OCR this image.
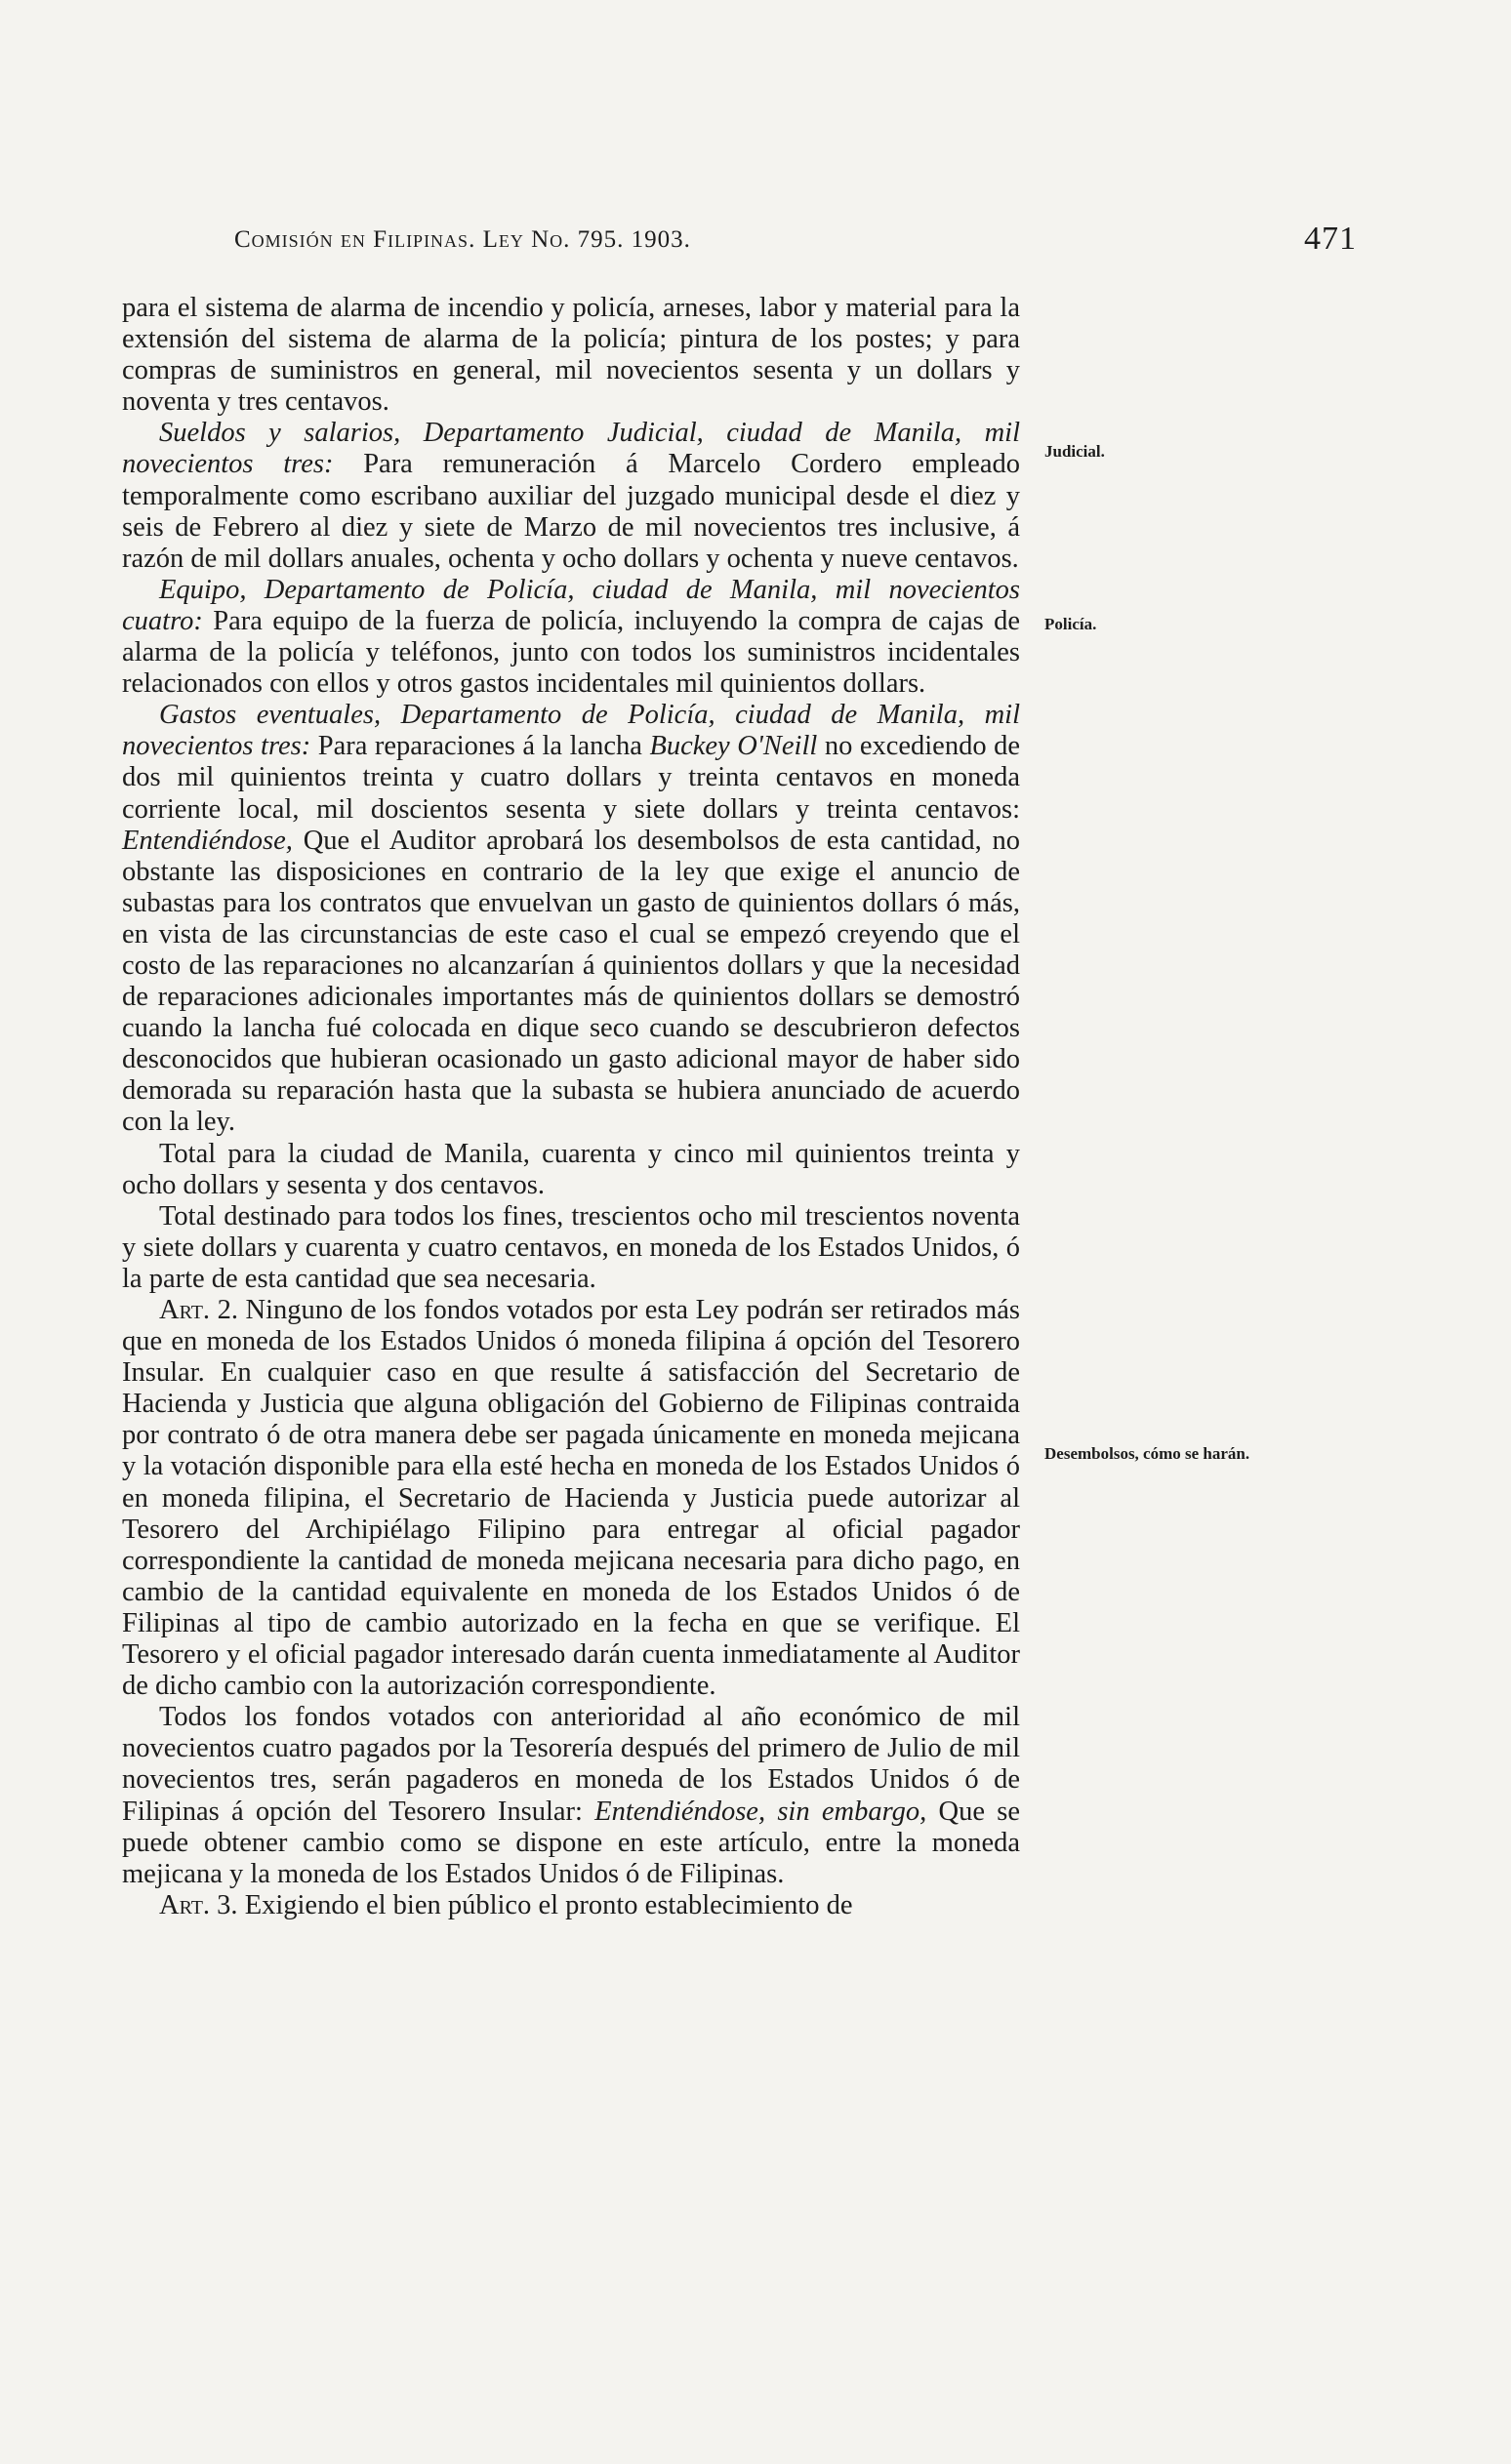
Comisión en Filipinas. Ley No. 795. 1903.	471
Judicial.
Policía.
Desembolsos, cómo se harán.

para el sistema de alarma de incendio y policía, arneses, labor y material para la extensión del sistema de alarma de la policía; pintura de los postes; y para compras de suministros en general, mil novecientos sesenta y un dollars y noventa y tres centavos.

Sueldos y salarios, Departamento Judicial, ciudad de Manila, mil novecientos tres: Para remuneración á Marcelo Cordero empleado temporalmente como escribano auxiliar del juzgado municipal desde el diez y seis de Febrero al diez y siete de Marzo de mil novecientos tres inclusive, á razón de mil dollars anuales, ochenta y ocho dollars y ochenta y nueve centavos.

Equipo, Departamento de Policía, ciudad de Manila, mil novecientos cuatro: Para equipo de la fuerza de policía, incluyendo la compra de cajas de alarma de la policía y teléfonos, junto con todos los suministros incidentales relacionados con ellos y otros gastos incidentales mil quinientos dollars.

Gastos eventuales, Departamento de Policía, ciudad de Manila, mil novecientos tres: Para reparaciones á la lancha Buckey O'Neill no excediendo de dos mil quinientos treinta y cuatro dollars y treinta centavos en moneda corriente local, mil doscientos sesenta y siete dollars y treinta centavos: Entendiéndose, Que el Auditor aprobará los desembolsos de esta cantidad, no obstante las disposiciones en contrario de la ley que exige el anuncio de subastas para los contratos que envuelvan un gasto de quinientos dollars ó más, en vista de las circunstancias de este caso el cual se empezó creyendo que el costo de las reparaciones no alcanzarían á quinientos dollars y que la necesidad de reparaciones adicionales importantes más de quinientos dollars se demostró cuando la lancha fué colocada en dique seco cuando se descubrieron defectos desconocidos que hubieran ocasionado un gasto adicional mayor de haber sido demorada su reparación hasta que la subasta se hubiera anunciado de acuerdo con la ley.

Total para la ciudad de Manila, cuarenta y cinco mil quinientos treinta y ocho dollars y sesenta y dos centavos.

Total destinado para todos los fines, trescientos ocho mil trescientos noventa y siete dollars y cuarenta y cuatro centavos, en moneda de los Estados Unidos, ó la parte de esta cantidad que sea necesaria.

Art. 2. Ninguno de los fondos votados por esta Ley podrán ser retirados más que en moneda de los Estados Unidos ó moneda filipina á opción del Tesorero Insular. En cualquier caso en que resulte á satisfacción del Secretario de Hacienda y Justicia que alguna obligación del Gobierno de Filipinas contraida por contrato ó de otra manera debe ser pagada únicamente en moneda mejicana y la votación disponible para ella esté hecha en moneda de los Estados Unidos ó en moneda filipina, el Secretario de Hacienda y Justicia puede autorizar al Tesorero del Archipiélago Filipino para entregar al oficial pagador correspondiente la cantidad de moneda mejicana necesaria para dicho pago, en cambio de la cantidad equivalente en moneda de los Estados Unidos ó de Filipinas al tipo de cambio autorizado en la fecha en que se verifique. El Tesorero y el oficial pagador interesado darán cuenta inmediatamente al Auditor de dicho cambio con la autorización correspondiente.

Todos los fondos votados con anterioridad al año económico de mil novecientos cuatro pagados por la Tesorería después del primero de Julio de mil novecientos tres, serán pagaderos en moneda de los Estados Unidos ó de Filipinas á opción del Tesorero Insular: Entendiéndose, sin embargo, Que se puede obtener cambio como se dispone en este artículo, entre la moneda mejicana y la moneda de los Estados Unidos ó de Filipinas.

Art. 3. Exigiendo el bien público el pronto establecimiento de
